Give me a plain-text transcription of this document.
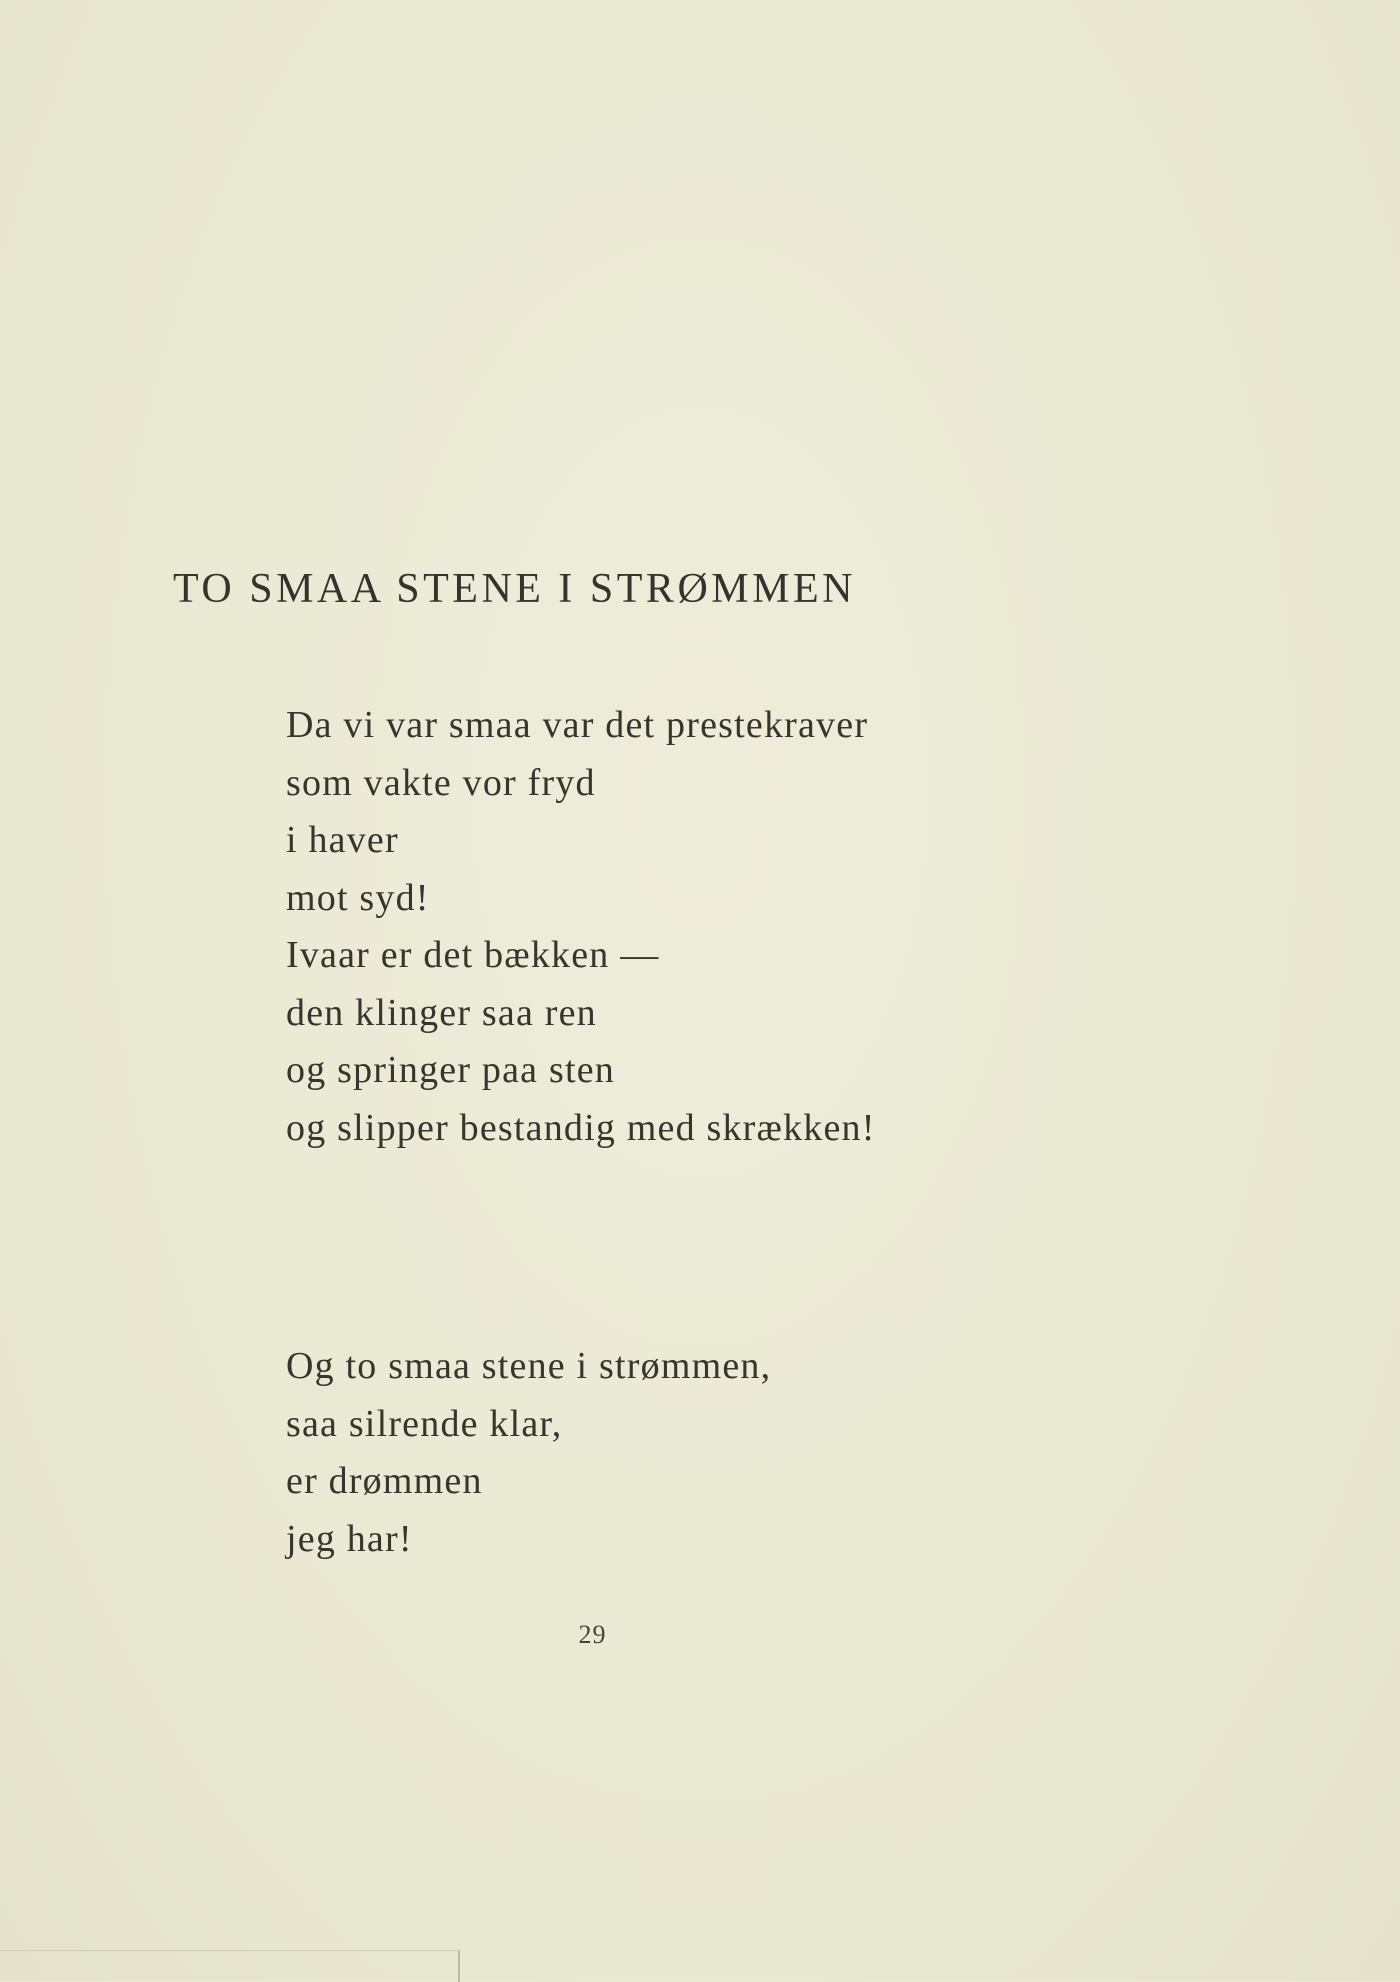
TO SMAA STENE I STRØMMEN
Da vi var smaa var det prestekraver
som vakte vor fryd
i haver
mot syd!
Ivaar er det bækken —
den klinger saa ren
og springer paa sten
og slipper bestandig med skrækken!
Og to smaa stene i strømmen,
saa silrende klar,
er drømmen
jeg har!
29
